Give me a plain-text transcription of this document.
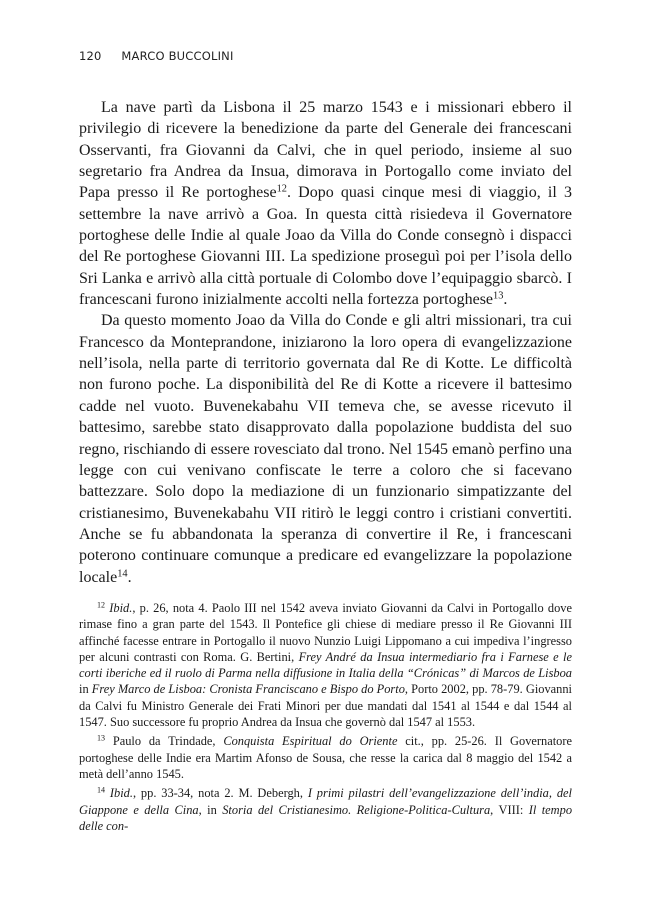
120 MARCO BUCCOLINI

La nave partì da Lisbona il 25 marzo 1543 e i missionari ebbero il privilegio di ricevere la benedizione da parte del Generale dei francescani Osservanti, fra Giovanni da Calvi, che in quel periodo, insieme al suo segretario fra Andrea da Insua, dimorava in Portogallo come inviato del Papa presso il Re portoghese$^{12}$. Dopo quasi cinque mesi di viaggio, il 3 settembre la nave arrivò a Goa. In questa città risiedeva il Governatore portoghese delle Indie al quale Joao da Villa do Conde consegnò i dispacci del Re portoghese Giovanni III. La spedizione proseguì poi per l’isola dello Sri Lanka e arrivò alla città portuale di Colombo dove l’equipaggio sbarcò. I francescani furono inizialmente accolti nella fortezza portoghese$^{13}$.

Da questo momento Joao da Villa do Conde e gli altri missionari, tra cui Francesco da Monteprandone, iniziarono la loro opera di evangelizzazione nell’isola, nella parte di territorio governata dal Re di Kotte. Le difficoltà non furono poche. La disponibilità del Re di Kotte a ricevere il battesimo cadde nel vuoto. Buvenekabahu VII temeva che, se avesse ricevuto il battesimo, sarebbe stato disapprovato dalla popolazione buddista del suo regno, rischiando di essere rovesciato dal trono. Nel 1545 emanò perfino una legge con cui venivano confiscate le terre a coloro che si facevano battezzare. Solo dopo la mediazione di un funzionario simpatizzante del cristianesimo, Buvenekabahu VII ritirò le leggi contro i cristiani convertiti. Anche se fu abbandonata la speranza di convertire il Re, i francescani poterono continuare comunque a predicare ed evangelizzare la popolazione locale$^{14}$.

$^{12}$ Ibid., p. 26, nota 4. Paolo III nel 1542 aveva inviato Giovanni da Calvi in Portogallo dove rimase fino a gran parte del 1543. Il Pontefice gli chiese di mediare presso il Re Giovanni III affinché facesse entrare in Portogallo il nuovo Nunzio Luigi Lippomano a cui impediva l’ingresso per alcuni contrasti con Roma. G. Bertini, Frey André da Insua intermediario fra i Farnese e le corti iberiche ed il ruolo di Parma nella diffusione in Italia della “Crónicas” di Marcos de Lisboa in Frey Marco de Lisboa: Cronista Franciscano e Bispo do Porto, Porto 2002, pp. 78-79. Giovanni da Calvi fu Ministro Generale dei Frati Minori per due mandati dal 1541 al 1544 e dal 1544 al 1547. Suo successore fu proprio Andrea da Insua che governò dal 1547 al 1553.

$^{13}$ Paulo da Trindade, Conquista Espiritual do Oriente cit., pp. 25-26. Il Governatore portoghese delle Indie era Martim Afonso de Sousa, che resse la carica dal 8 maggio del 1542 a metà dell’anno 1545.

$^{14}$ Ibid., pp. 33-34, nota 2. M. Debergh, I primi pilastri dell’evangelizzazione dell’india, del Giappone e della Cina, in Storia del Cristianesimo. Religione-Politica-Cultura, VIII: Il tempo delle con-
